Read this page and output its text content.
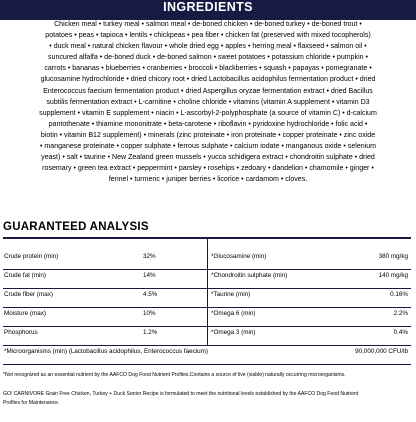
INGREDIENTS
Chicken meal • turkey meal • salmon meal • de-boned chicken • de-boned turkey • de-boned trout •
potatoes • peas • tapioca • lentils • chickpeas • pea fiber • chicken fat (preserved with mixed tocopherols)
• duck meal • natural chicken flavour • whole dried egg • apples • herring meal • flaxseed • salmon oil •
suncured alfalfa • de-boned duck • de-boned salmon • sweet potatoes • potassium chloride • pumpkin •
carrots • bananas • blueberries • cranberries • broccoli • blackberries • squash • papayas • pomegranate •
glucosamine hydrochloride • dried chicory root • dried Lactobacillus acidophilus fermentation product • dried
Enterococcus faecium fermentation product • dried Aspergillus oryzae fermentation extract • dried Bacillus
subtilis fermentation extract • L-carnitine • choline chloride • vitamins (vitamin A supplement • vitamin D3
supplement • vitamin E supplement • niacin • L-ascorbyl-2-polyphosphate (a source of vitamin C) • d-calcium
pantothenate • thiamine mononitrate • beta-carotene • riboflavin • pyridoxine hydrochloride • folic acid •
biotin • vitamin B12 supplement) • minerals (zinc proteinate • iron proteinate • copper proteinate • zinc oxide
• manganese proteinate • copper sulphate • ferrous sulphate • calcium iodate • manganous oxide • selenium
yeast) • salt • taurine • New Zealand green mussels • yucca schidigera extract • chondroitin sulphate • dried
rosemary • green tea extract • peppermint • parsley • rosehips • zedoary • dandelion • chamomile • ginger •
fennel • turmeric • juniper berries • licorice • cardamom • cloves.
GUARANTEED ANALYSIS
Crude protein (min)	32%	*Glucosamine (min)	380 mg/kg
Crude fat (min)	14%	*Chondroitin sulphate (min)	140 mg/kg
Crude fiber (max)	4.5%	*Taurine (min)	0.16%
Moisture (max)	10%	*Omega 6 (min)	2.2%
Phosphorus	1.2%	*Omega 3 (min)	0.4%
*Microorganisms (min) (Lactobacillus acidophilus, Enterococcus faecium)	90,000,000 CFU/lb
*Not recognized as an essential nutrient by the AAFCO Dog Food Nutrient Profiles.Contains a source of live (viable) naturally occurring microorganisms.
GO! CARNIVORE Grain Free Chicken, Turkey + Duck Senior Recipe is formulated to meet the nutritional levels established by the AAFCO Dog Food Nutrient
Profiles for Maintenance.
